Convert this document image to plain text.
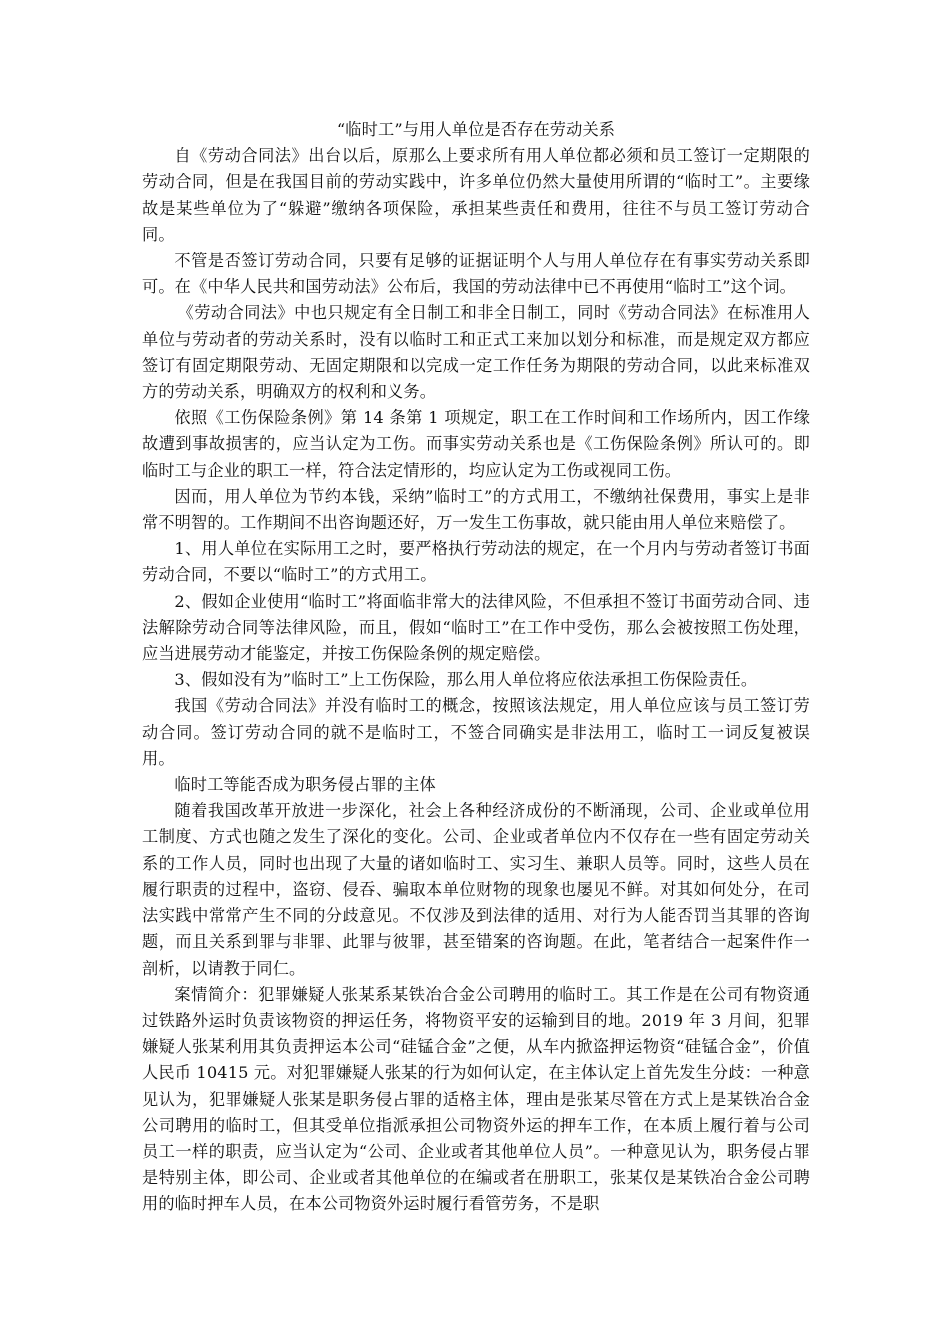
“临时工”与用人单位是否存在劳动关系

自《劳动合同法》出台以后，原那么上要求所有用人单位都必须和员工签订一定期限的劳动合同，但是在我国目前的劳动实践中，许多单位仍然大量使用所谓的“临时工”。主要缘故是某些单位为了“躲避”缴纳各项保险，承担某些责任和费用，往往不与员工签订劳动合同。

不管是否签订劳动合同，只要有足够的证据证明个人与用人单位存在有事实劳动关系即可。在《中华人民共和国劳动法》公布后，我国的劳动法律中已不再使用“临时工”这个词。

《劳动合同法》中也只规定有全日制工和非全日制工，同时《劳动合同法》在标准用人单位与劳动者的劳动关系时，没有以临时工和正式工来加以划分和标准，而是规定双方都应签订有固定期限劳动、无固定期限和以完成一定工作任务为期限的劳动合同，以此来标准双方的劳动关系，明确双方的权利和义务。

依照《工伤保险条例》第 14 条第 1 项规定，职工在工作时间和工作场所内，因工作缘故遭到事故损害的，应当认定为工伤。而事实劳动关系也是《工伤保险条例》所认可的。即临时工与企业的职工一样，符合法定情形的，均应认定为工伤或视同工伤。

因而，用人单位为节约本钱，采纳”临时工”的方式用工，不缴纳社保费用，事实上是非常不明智的。工作期间不出咨询题还好，万一发生工伤事故，就只能由用人单位来赔偿了。

1、用人单位在实际用工之时，要严格执行劳动法的规定，在一个月内与劳动者签订书面劳动合同，不要以“临时工”的方式用工。

2、假如企业使用“临时工”将面临非常大的法律风险，不但承担不签订书面劳动合同、违法解除劳动合同等法律风险，而且，假如“临时工”在工作中受伤，那么会被按照工伤处理，应当进展劳动才能鉴定，并按工伤保险条例的规定赔偿。

3、假如没有为”临时工”上工伤保险，那么用人单位将应依法承担工伤保险责任。

我国《劳动合同法》并没有临时工的概念，按照该法规定，用人单位应该与员工签订劳动合同。签订劳动合同的就不是临时工，不签合同确实是非法用工，临时工一词反复被误用。

临时工等能否成为职务侵占罪的主体

随着我国改革开放进一步深化，社会上各种经济成份的不断涌现，公司、企业或单位用工制度、方式也随之发生了深化的变化。公司、企业或者单位内不仅存在一些有固定劳动关系的工作人员，同时也出现了大量的诸如临时工、实习生、兼职人员等。同时，这些人员在履行职责的过程中，盗窃、侵吞、骗取本单位财物的现象也屡见不鲜。对其如何处分，在司法实践中常常产生不同的分歧意见。不仅涉及到法律的适用、对行为人能否罚当其罪的咨询题，而且关系到罪与非罪、此罪与彼罪，甚至错案的咨询题。在此，笔者结合一起案件作一剖析，以请教于同仁。

案情简介：犯罪嫌疑人张某系某铁冶合金公司聘用的临时工。其工作是在公司有物资通过铁路外运时负责该物资的押运任务，将物资平安的运输到目的地。2019 年 3 月间，犯罪嫌疑人张某利用其负责押运本公司“硅锰合金”之便，从车内掀盗押运物资“硅锰合金”，价值人民币 10415 元。对犯罪嫌疑人张某的行为如何认定，在主体认定上首先发生分歧：一种意见认为，犯罪嫌疑人张某是职务侵占罪的适格主体，理由是张某尽管在方式上是某铁冶合金公司聘用的临时工，但其受单位指派承担公司物资外运的押车工作，在本质上履行着与公司员工一样的职责，应当认定为“公司、企业或者其他单位人员”。一种意见认为，职务侵占罪是特别主体，即公司、企业或者其他单位的在编或者在册职工，张某仅是某铁冶合金公司聘用的临时押车人员，在本公司物资外运时履行看管劳务，不是职
